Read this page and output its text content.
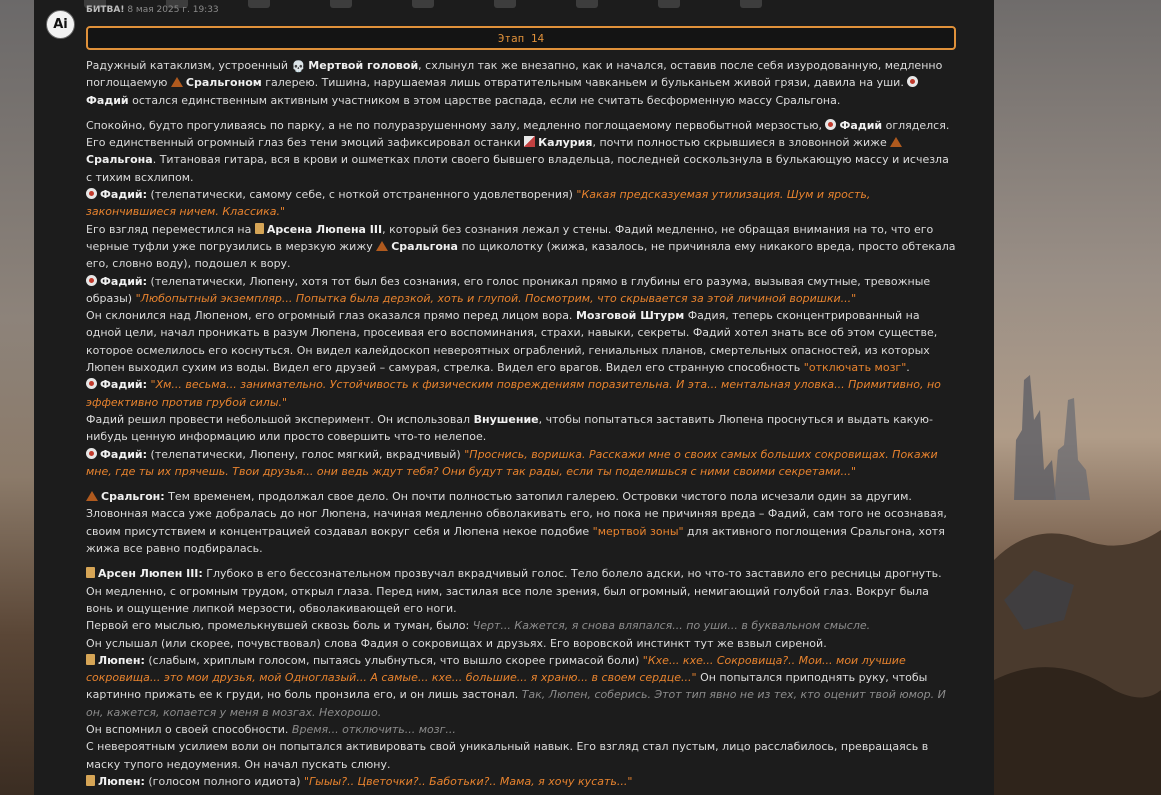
БИТВА! 8 мая 2025 г. 19:33
Ai
Этап 14

Радужный катаклизм, устроенный 💀 Мертвой головой, схлынул так же внезапно, как и начался, оставив после себя изуродованную, медленно поглощаемую Сральгоном галерею. Тишина, нарушаемая лишь отвратительным чавканьем и бульканьем живой грязи, давила на уши. Фадий остался единственным активным участником в этом царстве распада, если не считать бесформенную массу Сральгона.

Спокойно, будто прогуливаясь по парку, а не по полуразрушенному залу, медленно поглощаемому первобытной мерзостью, Фадий огляделся. Его единственный огромный глаз без тени эмоций зафиксировал останки Калурия, почти полностью скрывшиеся в зловонной жиже Сральгона. Титановая гитара, вся в крови и ошметках плоти своего бывшего владельца, последней соскользнула в булькающую массу и исчезла с тихим всхлипом.

Фадий: (телепатически, самому себе, с ноткой отстраненного удовлетворения) "Какая предсказуемая утилизация. Шум и ярость, закончившиеся ничем. Классика."

Его взгляд переместился на Арсена Люпена III, который без сознания лежал у стены. Фадий медленно, не обращая внимания на то, что его черные туфли уже погрузились в мерзкую жижу Сральгона по щиколотку (жижа, казалось, не причиняла ему никакого вреда, просто обтекала его, словно воду), подошел к вору.

Фадий: (телепатически, Люпену, хотя тот был без сознания, его голос проникал прямо в глубины его разума, вызывая смутные, тревожные образы) "Любопытный экземпляр... Попытка была дерзкой, хоть и глупой. Посмотрим, что скрывается за этой личиной воришки..."

Он склонился над Люпеном, его огромный глаз оказался прямо перед лицом вора. Мозговой Штурм Фадия, теперь сконцентрированный на одной цели, начал проникать в разум Люпена, просеивая его воспоминания, страхи, навыки, секреты. Фадий хотел знать все об этом существе, которое осмелилось его коснуться. Он видел калейдоскоп невероятных ограблений, гениальных планов, смертельных опасностей, из которых Люпен выходил сухим из воды. Видел его друзей – самурая, стрелка. Видел его врагов. Видел его странную способность "отключать мозг".

Фадий: "Хм... весьма... занимательно. Устойчивость к физическим повреждениям поразительна. И эта... ментальная уловка... Примитивно, но эффективно против грубой силы."

Фадий решил провести небольшой эксперимент. Он использовал Внушение, чтобы попытаться заставить Люпена проснуться и выдать какую-нибудь ценную информацию или просто совершить что-то нелепое.

Фадий: (телепатически, Люпену, голос мягкий, вкрадчивый) "Проснись, воришка. Расскажи мне о своих самых больших сокровищах. Покажи мне, где ты их прячешь. Твои друзья... они ведь ждут тебя? Они будут так рады, если ты поделишься с ними своими секретами..."

Сральгон: Тем временем, продолжал свое дело. Он почти полностью затопил галерею. Островки чистого пола исчезали один за другим. Зловонная масса уже добралась до ног Люпена, начиная медленно обволакивать его, но пока не причиняя вреда – Фадий, сам того не осознавая, своим присутствием и концентрацией создавал вокруг себя и Люпена некое подобие "мертвой зоны" для активного поглощения Сральгона, хотя жижа все равно подбиралась.

Арсен Люпен III: Глубоко в его бессознательном прозвучал вкрадчивый голос. Тело болело адски, но что-то заставило его ресницы дрогнуть. Он медленно, с огромным трудом, открыл глаза. Перед ним, застилая все поле зрения, был огромный, немигающий голубой глаз. Вокруг была вонь и ощущение липкой мерзости, обволакивающей его ноги.

Первой его мыслью, промелькнувшей сквозь боль и туман, было: Черт... Кажется, я снова вляпался... по уши... в буквальном смысле.

Он услышал (или скорее, почувствовал) слова Фадия о сокровищах и друзьях. Его воровской инстинкт тут же взвыл сиреной.

Люпен: (слабым, хриплым голосом, пытаясь улыбнуться, что вышло скорее гримасой боли) "Кхе... кхе... Сокровища?.. Мои... мои лучшие сокровища... это мои друзья, мой Одноглазый... А самые... кхе... большие... я храню... в своем сердце..." Он попытался приподнять руку, чтобы картинно прижать ее к груди, но боль пронзила его, и он лишь застонал. Так, Люпен, соберись. Этот тип явно не из тех, кто оценит твой юмор. И он, кажется, копается у меня в мозгах. Нехорошо.

Он вспомнил о своей способности. Время... отключить... мозг...

С невероятным усилием воли он попытался активировать свой уникальный навык. Его взгляд стал пустым, лицо расслабилось, превращаясь в маску тупого недоумения. Он начал пускать слюну.

Люпен: (голосом полного идиота) "Гыыы?.. Цветочки?.. Баботьки?.. Мама, я хочу кусать..."
